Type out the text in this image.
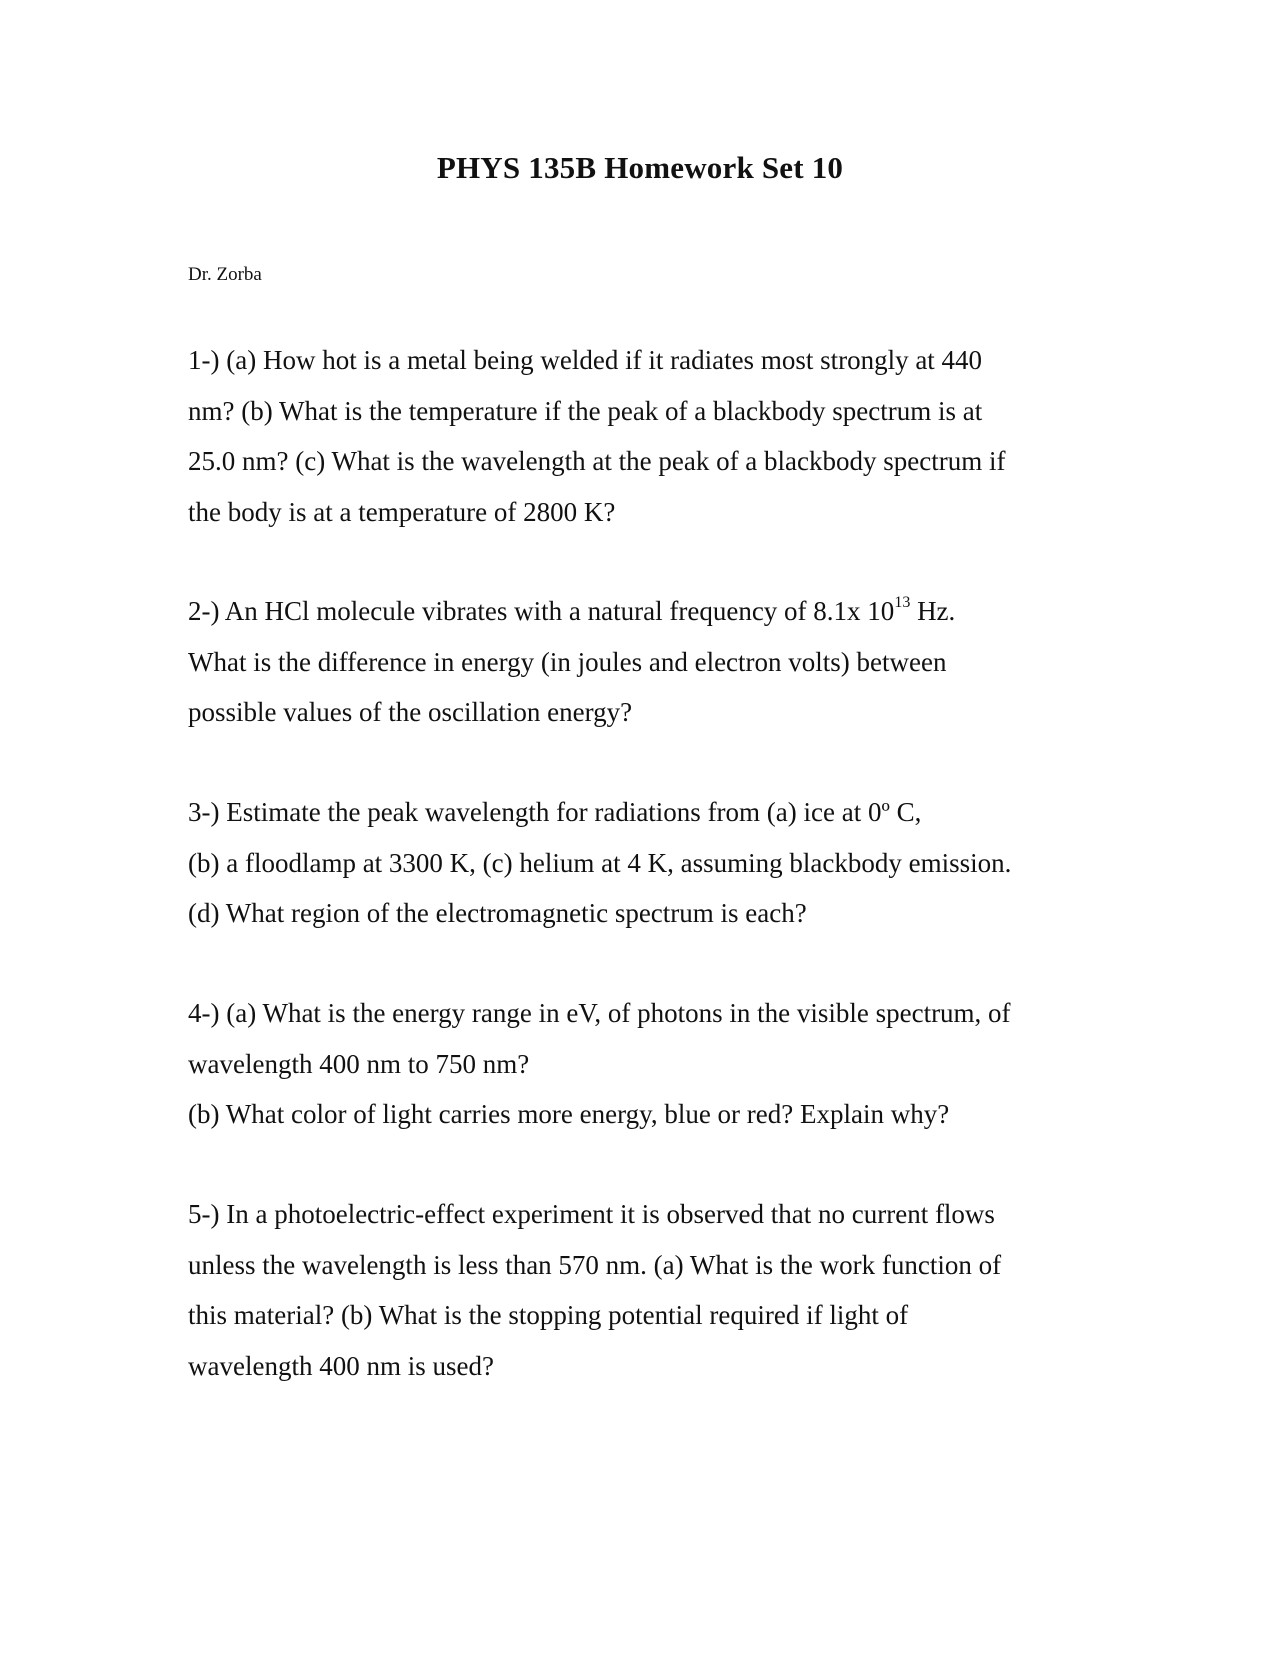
PHYS 135B Homework Set 10

Dr. Zorba

1-) (a) How hot is a metal being welded if it radiates most strongly at 440
nm? (b) What is the temperature if the peak of a blackbody spectrum is at
25.0 nm? (c) What is the wavelength at the peak of a blackbody spectrum if
the body is at a temperature of 2800 K?
2-) An HCl molecule vibrates with a natural frequency of 8.1x $10^{13}$ Hz.
What is the difference in energy (in joules and electron volts) between
possible values of the oscillation energy?
3-) Estimate the peak wavelength for radiations from (a) ice at 0º C,
(b) a floodlamp at 3300 K, (c) helium at 4 K, assuming blackbody emission.
(d) What region of the electromagnetic spectrum is each?
4-) (a) What is the energy range in eV, of photons in the visible spectrum, of
wavelength 400 nm to 750 nm?
(b) What color of light carries more energy, blue or red? Explain why?
5-) In a photoelectric-effect experiment it is observed that no current flows
unless the wavelength is less than 570 nm. (a) What is the work function of
this material? (b) What is the stopping potential required if light of
wavelength 400 nm is used?
